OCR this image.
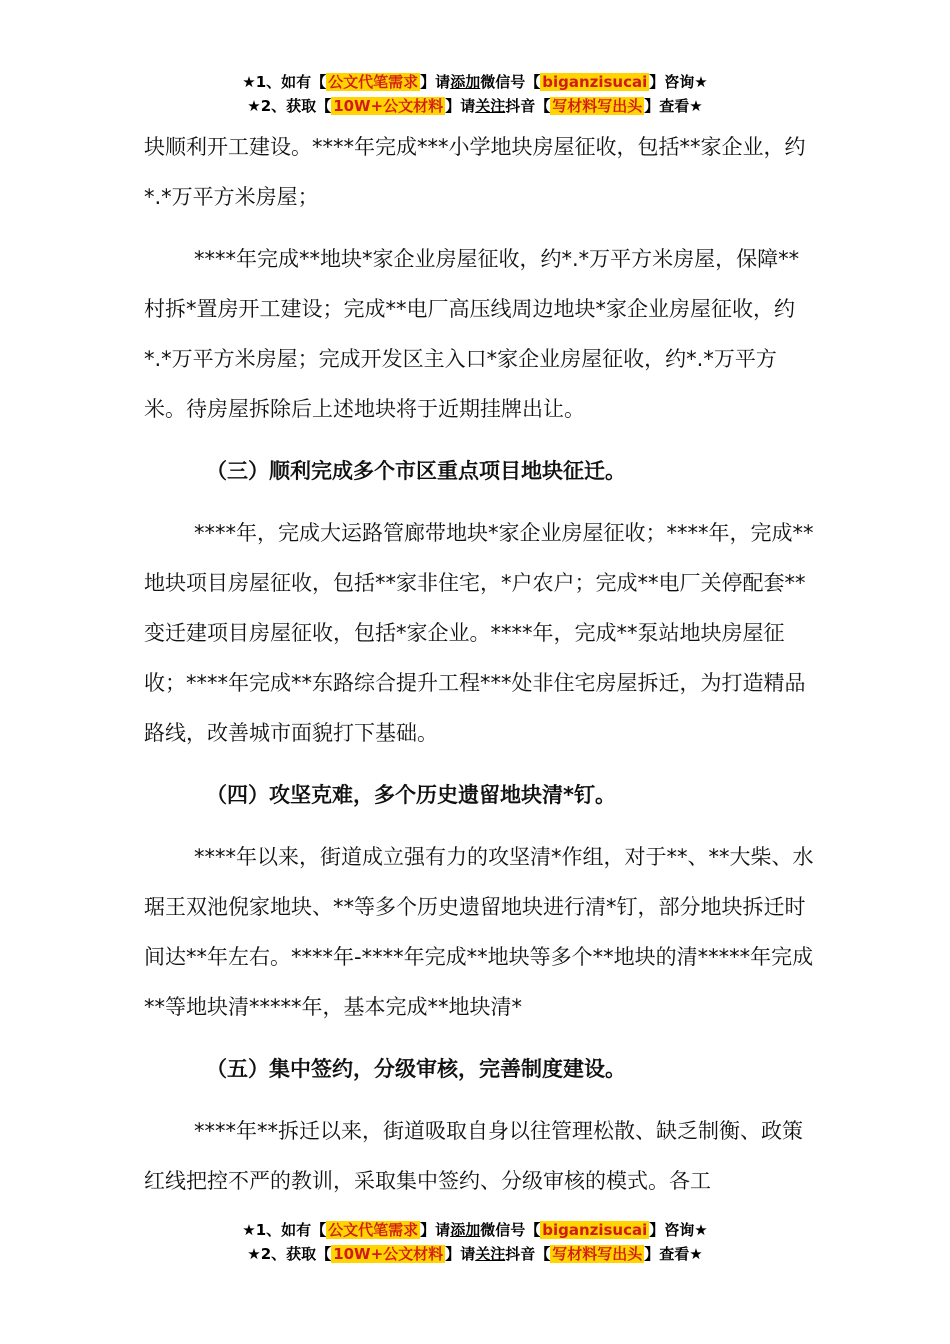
★1、如有【 公文代笔需求 】请添加微信号【 biganzisucai 】咨询★
★2、获取【 10W+公文材料 】请关注抖音【 写材料写出头 】查看★

块顺利开工建设。****年完成***小学地块房屋征收，包括**家企业，约*.*万平方米房屋；

****年完成**地块*家企业房屋征收，约*.*万平方米房屋，保障**村拆*置房开工建设；完成**电厂高压线周边地块*家企业房屋征收，约*.*万平方米房屋；完成开发区主入口*家企业房屋征收，约*.*万平方米。待房屋拆除后上述地块将于近期挂牌出让。

（三）顺利完成多个市区重点项目地块征迁。

****年，完成大运路管廊带地块*家企业房屋征收；****年，完成**地块项目房屋征收，包括**家非住宅，*户农户；完成**电厂关停配套**变迁建项目房屋征收，包括*家企业。****年，完成**泵站地块房屋征收；****年完成**东路综合提升工程***处非住宅房屋拆迁，为打造精品路线，改善城市面貌打下基础。

（四）攻坚克难，多个历史遗留地块清*钉。

****年以来，街道成立强有力的攻坚清*作组，对于**、**大柴、水琚王双池倪家地块、**等多个历史遗留地块进行清*钉，部分地块拆迁时间达**年左右。****年-****年完成**地块等多个**地块的清*****年完成**等地块清*****年，基本完成**地块清*

（五）集中签约，分级审核，完善制度建设。

****年**拆迁以来，街道吸取自身以往管理松散、缺乏制衡、政策红线把控不严的教训，采取集中签约、分级审核的模式。各工

★1、如有【 公文代笔需求 】请添加微信号【 biganzisucai 】咨询★
★2、获取【 10W+公文材料 】请关注抖音【 写材料写出头 】查看★
